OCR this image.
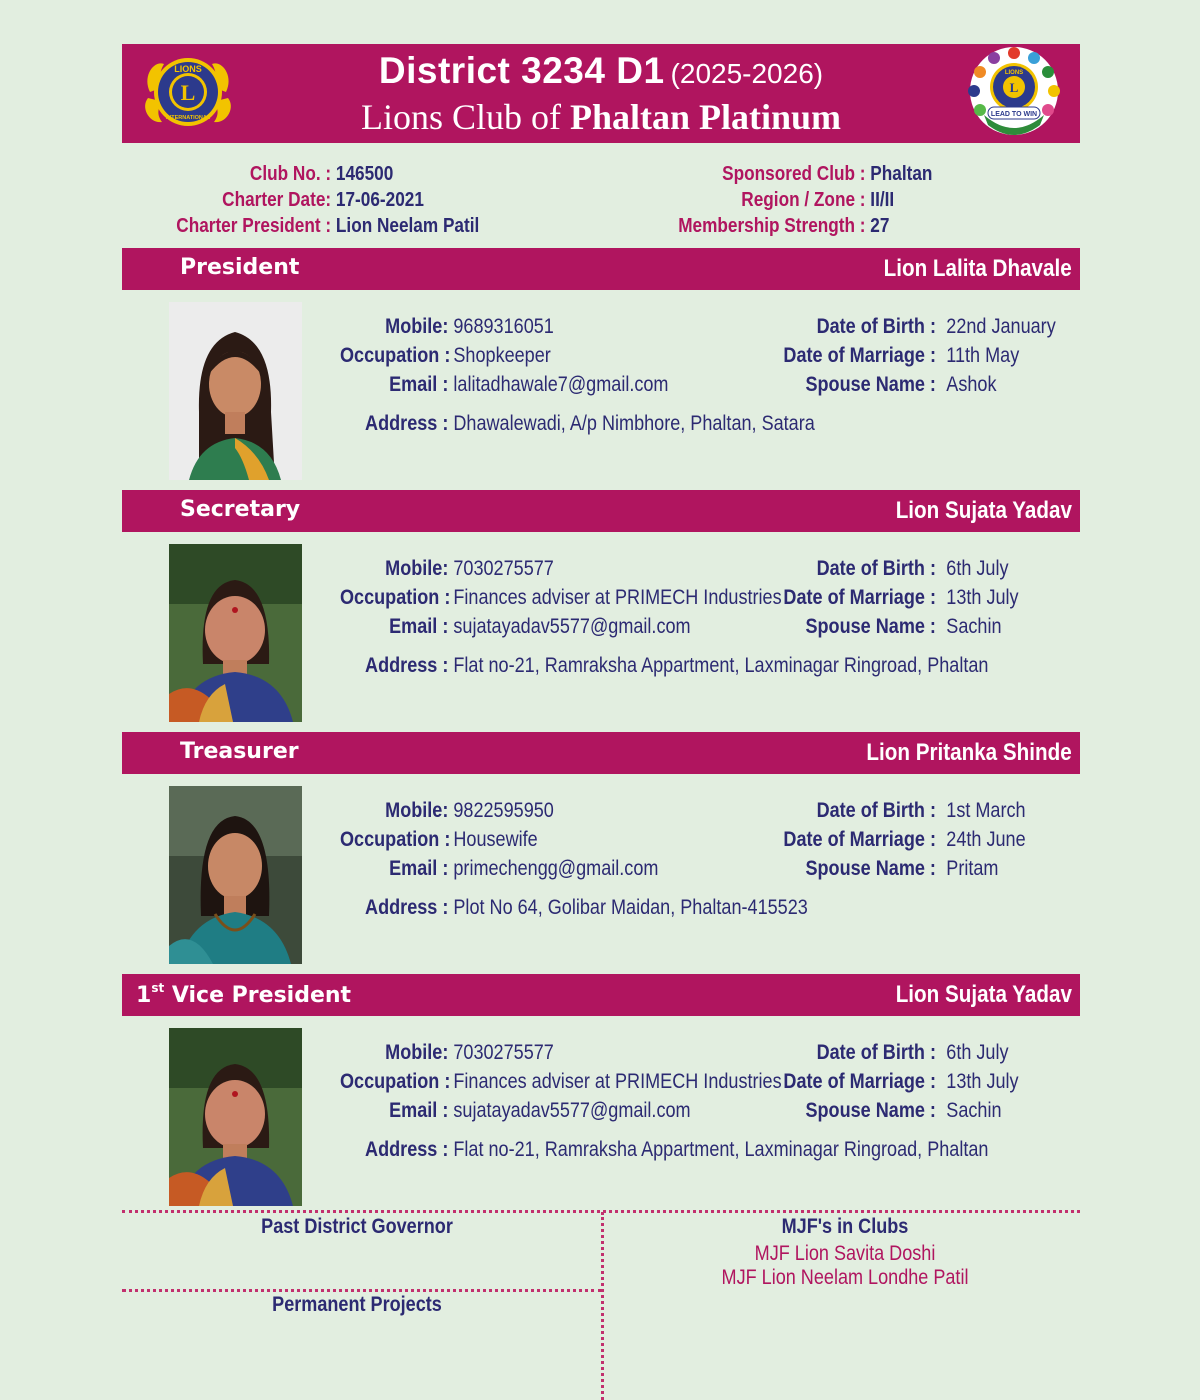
L
LIONS
INTERNATIONAL
District 3234 D1 (2025-2026)
Lions Club of Phaltan Platinum
L
LIONS
LEAD TO WIN
Club No. : 146500
Charter Date: 17-06-2021
Charter President : Lion Neelam Patil
Sponsored Club : Phaltan
Region / Zone : II/II
Membership Strength : 27
President	Lion Lalita Dhavale
Mobile: 9689316051
Occupation : Shopkeeper
Email : lalitadhawale7@gmail.com
Address : Dhawalewadi, A/p Nimbhore, Phaltan, Satara
Date of Birth : 22nd January
Date of Marriage : 11th May
Spouse Name : Ashok
Secretary	Lion Sujata Yadav
Mobile: 7030275577
Occupation : Finances adviser at PRIMECH Industries
Email : sujatayadav5577@gmail.com
Address : Flat no-21, Ramraksha Appartment, Laxminagar Ringroad, Phaltan
Date of Birth : 6th July
Date of Marriage : 13th July
Spouse Name : Sachin
Treasurer	Lion Pritanka Shinde
Mobile: 9822595950
Occupation : Housewife
Email : primechengg@gmail.com
Address : Plot No 64, Golibar Maidan, Phaltan-415523
Date of Birth : 1st March
Date of Marriage : 24th June
Spouse Name : Pritam
1st Vice President	Lion Sujata Yadav
Mobile: 7030275577
Occupation : Finances adviser at PRIMECH Industries
Email : sujatayadav5577@gmail.com
Address : Flat no-21, Ramraksha Appartment, Laxminagar Ringroad, Phaltan
Date of Birth : 6th July
Date of Marriage : 13th July
Spouse Name : Sachin
Past District Governor
Permanent Projects
MJF's in Clubs
MJF Lion Savita Doshi
MJF Lion Neelam Londhe Patil
